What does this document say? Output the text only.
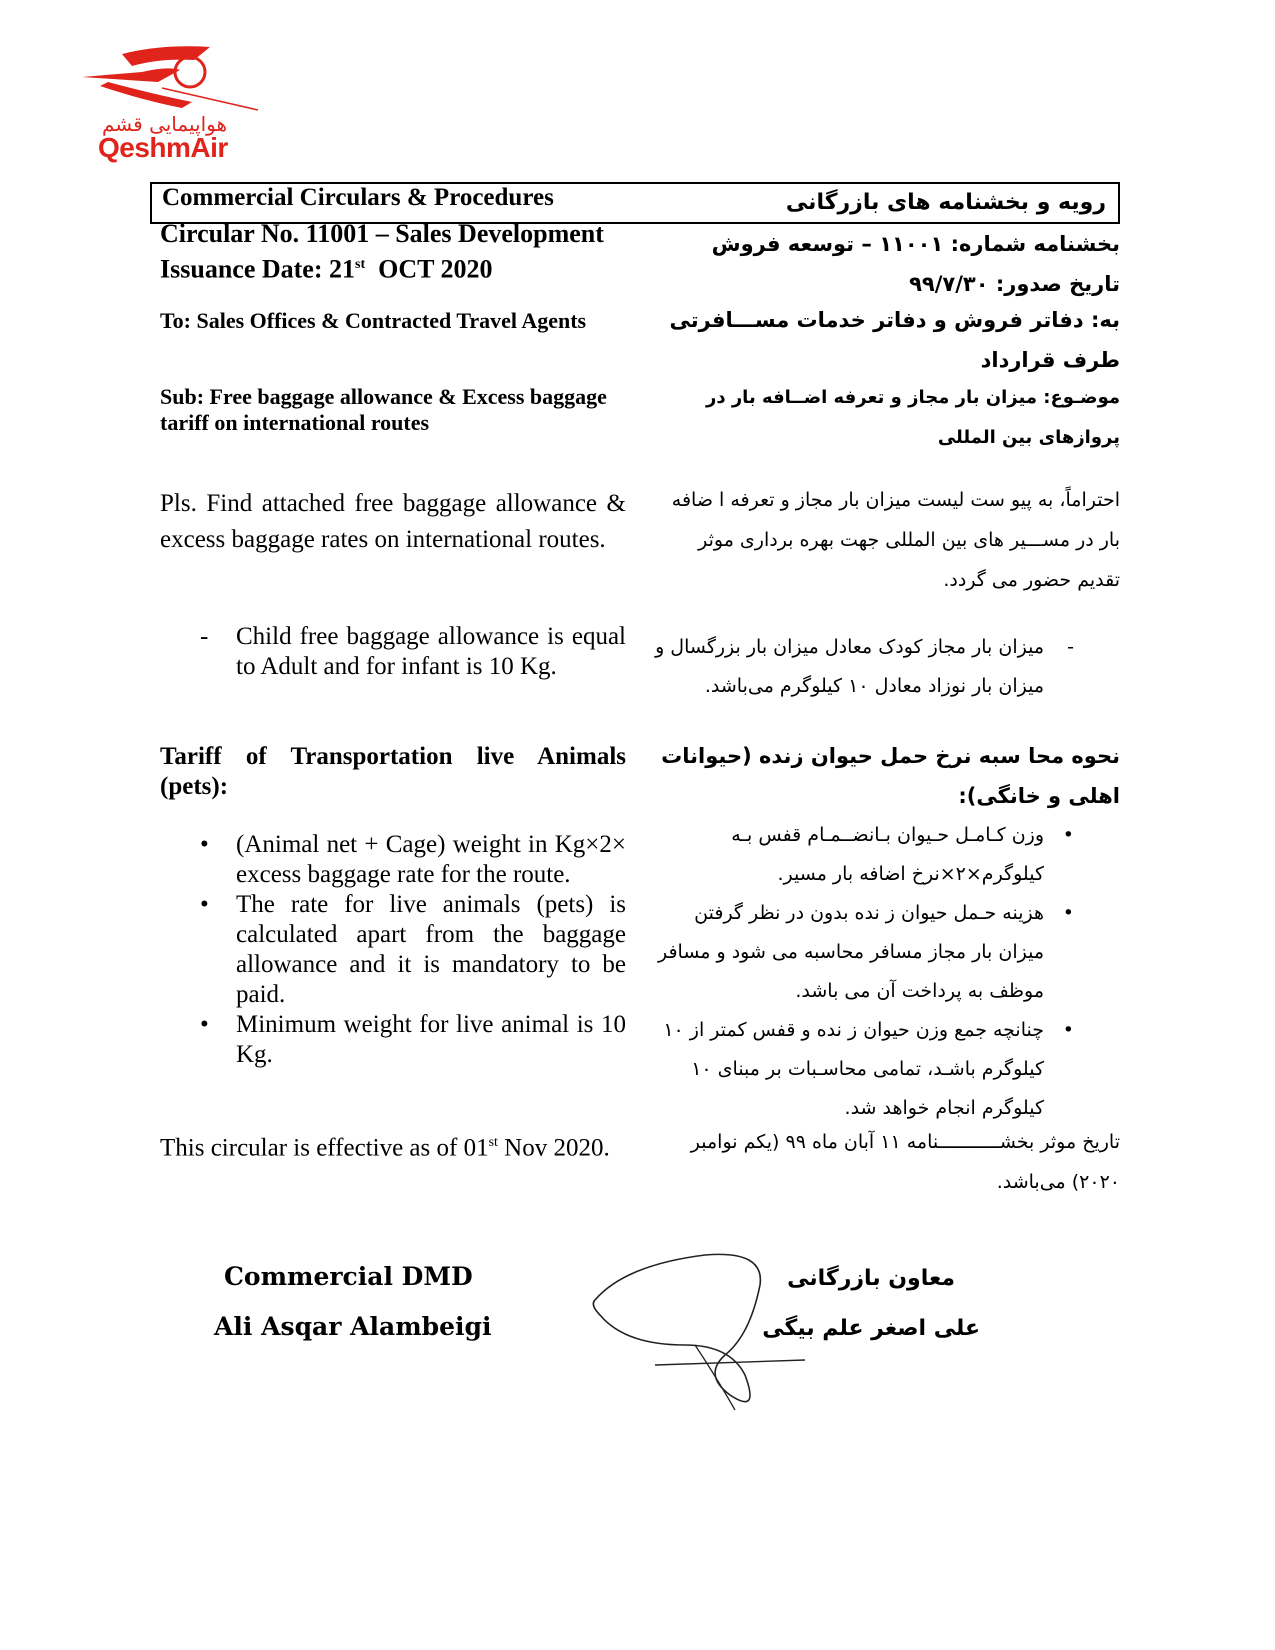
هواپیمایی قشم
QeshmAir
Commercial Circulars & Procedures	رویه و بخشنامه های بازرگانی
Circular No. 11001 – Sales Development
Issuance Date: 21st  OCT 2020
بخشنامه شماره: ۱۱۰۰۱ – توسعه فروش
تاریخ صدور: ۹۹/۷/۳۰
To: Sales Offices & Contracted Travel Agents	به: دفاتر فروش و دفاتر خدمات مســـافرتی طرف قرارداد
Sub: Free baggage allowance & Excess baggage tariff on international routes
موضـوع: میزان بار مجاز و تعرفه اضــافه بار در پروازهای بین المللی
Pls. Find attached free baggage allowance & excess baggage rates on international routes.
احتراماً، به پیو ست لیست میزان بار مجاز و تعرفه ا ضافه بار در مســـیر های بین المللی جهت بهره برداری موثر تقدیم حضور می گردد.
- Child free baggage allowance is equal to Adult and for infant is 10 Kg.
-
میزان بار مجاز کودک معادل میزان بار بزرگسال و میزان بار نوزاد معادل ۱۰ کیلوگرم می‌باشد.
Tariff of Transportation live Animals (pets):
نحوه محا سبه نرخ حمل حیوان زنده (حیوانات اهلی و خانگی):
• (Animal net + Cage) weight in Kg×2× excess baggage rate for the route.
• The rate for live animals (pets) is calculated apart from the baggage allowance and it is mandatory to be paid.
• Minimum weight for live animal is 10 Kg.
•
وزن کـامـل حـیوان بـانضــمـام قفس بـه کیلوگرم×۲×نرخ اضافه بار مسیر.
•
هزینه حـمل حیوان ز نده بدون در نظر گرفتن میزان بار مجاز مسافر محاسبه می شود و مسافر موظف به پرداخت آن می باشد.
•
چنانچه جمع وزن حیوان ز نده و قفس کمتر از ۱۰ کیلوگرم باشـد، تمامی محاسـبات بر مبنای ۱۰ کیلوگرم انجام خواهد شد.
This circular is effective as of 01st Nov 2020.	تاریخ موثر بخشـــــــــــنامه ۱۱ آبان ماه ۹۹ (یکم نوامبر ۲۰۲۰) می‌باشد.
Commercial DMD
Ali Asqar Alambeigi
معاون بازرگانی
علی اصغر علم بیگی
